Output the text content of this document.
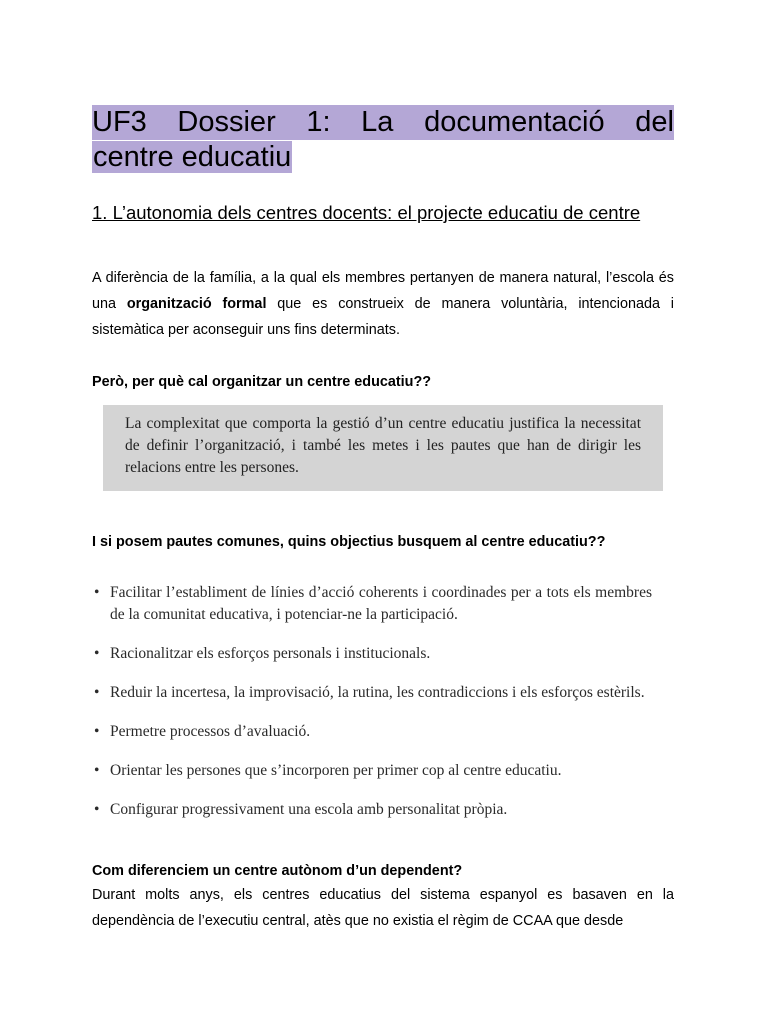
UF3 Dossier 1: La documentació del
centre educatiu
1. L’autonomia dels centres docents: el projecte educatiu de centre

A diferència de la família, a la qual els membres pertanyen de manera natural, l’escola és una organització formal que es construeix de manera voluntària, intencionada i sistemàtica per aconseguir uns fins determinats.

Però, per què cal organitzar un centre educatiu??

La complexitat que comporta la gestió d’un centre educatiu justifica la necessitat de definir l’organització, i també les metes i les pautes que han de dirigir les relacions entre les persones.

I si posem pautes comunes, quins objectius busquem al centre educatiu??

• Facilitar l’establiment de línies d’acció coherents i coordinades per a tots els membres de la comunitat educativa, i potenciar-ne la participació.
• Racionalitzar els esforços personals i institucionals.
• Reduir la incertesa, la improvisació, la rutina, les contradiccions i els esforços estèrils.
• Permetre processos d’avaluació.
• Orientar les persones que s’incorporen per primer cop al centre educatiu.
• Configurar progressivament una escola amb personalitat pròpia.

Com diferenciem un centre autònom d’un dependent?

Durant molts anys, els centres educatius del sistema espanyol es basaven en la dependència de l’executiu central, atès que no existia el règim de CCAA que desde
